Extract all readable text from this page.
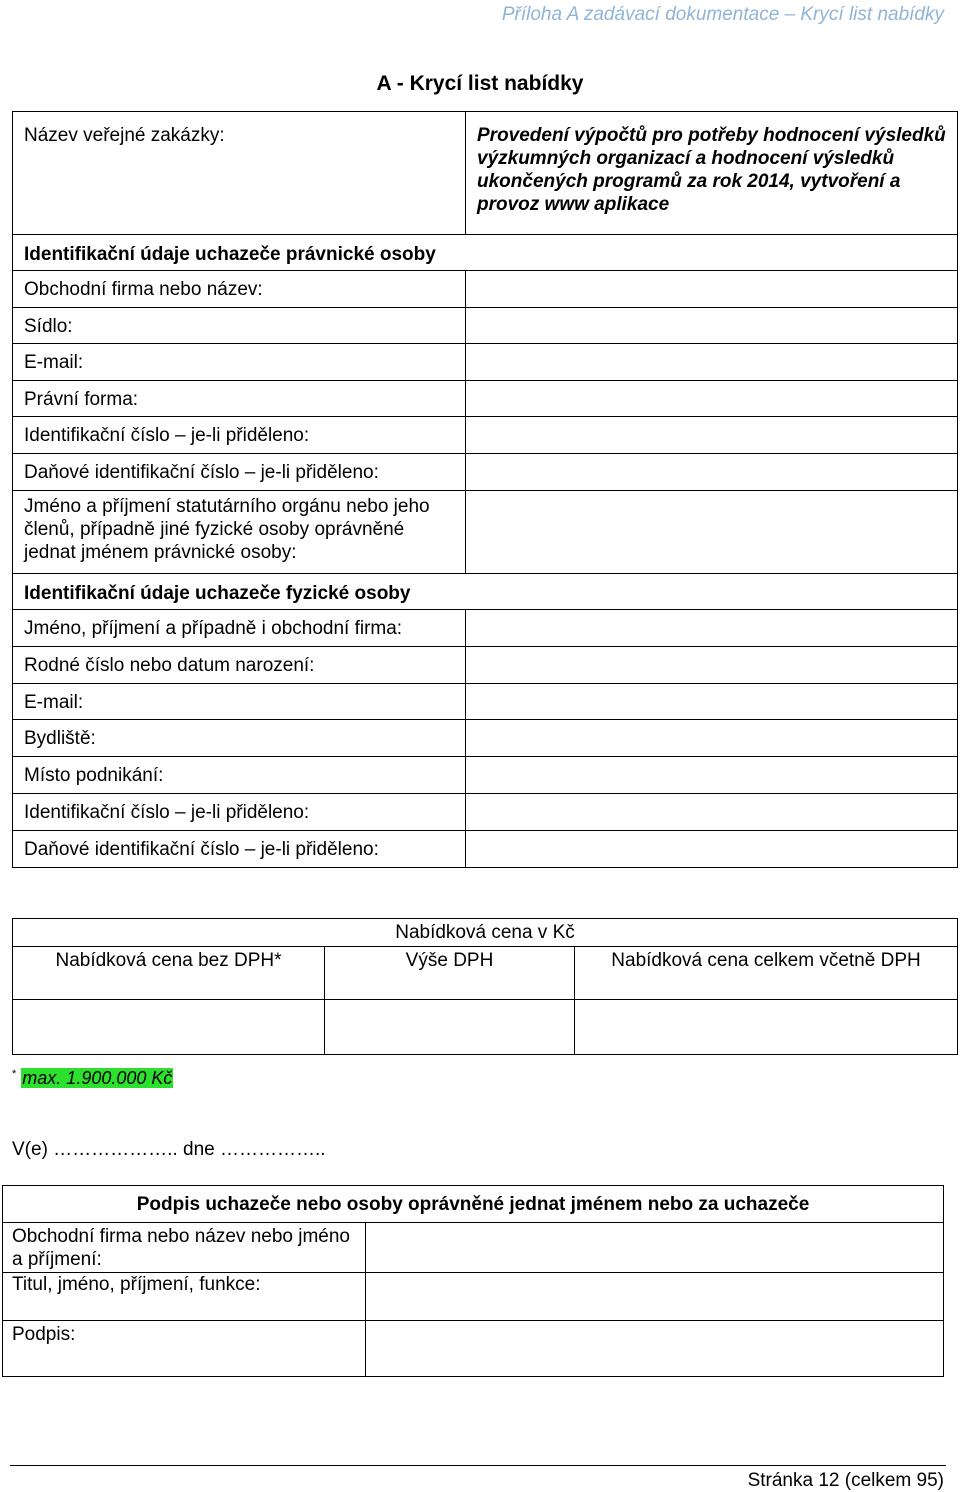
Příloha A zadávací dokumentace – Krycí list nabídky
A - Krycí list nabídky
Název veřejné zakázky:	Provedení výpočtů pro potřeby hodnocení výsledků výzkumných organizací a hodnocení výsledků ukončených programů za rok 2014, vytvoření a provoz www aplikace
Identifikační údaje uchazeče právnické osoby	
Obchodní firma nebo název:	
Sídlo:	
E-mail:	
Právní forma:	
Identifikační číslo – je-li přiděleno:	
Daňové identifikační číslo – je-li přiděleno:	
Jméno a příjmení statutárního orgánu nebo jeho členů, případně jiné fyzické osoby oprávněné jednat jménem právnické osoby:	
Identifikační údaje uchazeče fyzické osoby	
Jméno, příjmení a případně i obchodní firma:	
Rodné číslo nebo datum narození:	
E-mail:	
Bydliště:	
Místo podnikání:	
Identifikační číslo – je-li přiděleno:	
Daňové identifikační číslo – je-li přiděleno:	
Nabídková cena v Kč		
Nabídková cena bez DPH*	Výše DPH	Nabídková cena celkem včetně DPH

* max. 1.900.000 Kč
V(e) ……………….. dne ……………..
Podpis uchazeče nebo osoby oprávněné jednat jménem nebo za uchazeče	
Obchodní firma nebo název nebo jméno a příjmení:	
Titul, jméno, příjmení, funkce:	
Podpis:	
Stránka 12 (celkem 95)
